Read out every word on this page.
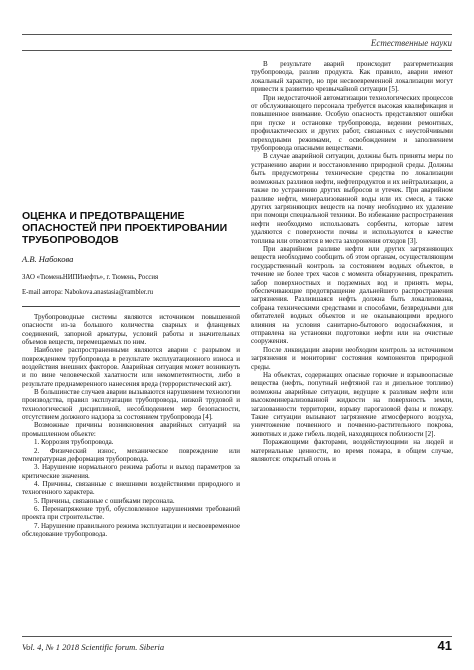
Естественные науки
ОЦЕНКА И ПРЕДОТВРАЩЕНИЕ ОПАСНОСТЕЙ ПРИ ПРОЕКТИРОВАНИИ ТРУБОПРОВОДОВ
А.В. Набокова
ЗАО «ТюменьНИПИнефть», г. Тюмень, Россия
E-mail автора: Nabokova.anastasia@rambler.ru

Трубопроводные системы являются источником повышенной опасности из-за большого количества сварных и фланцевых соединений, запорной арматуры, условий работы и значительных объемов веществ, перемещаемых по ним.

Наиболее распространенными являются аварии с разрывом и повреждением трубопровода в результате эксплуатационного износа и воздействия внешних факторов. Аварийная ситуация может возникнуть и по вине человеческой халатности или некомпетентности, либо в результате преднамеренного нанесения вреда (террористический акт).

В большинстве случаев аварии вызываются нарушением технологии производства, правил эксплуатации трубопровода, низкой трудовой и технологической дисциплиной, несоблюдением мер безопасности, отсутствием должного надзора за состоянием трубопровода [4].

Возможные причины возникновения аварийных ситуаций на промышленном объекте:

1. Коррозия трубопровода.

2. Физический износ, механическое повреждение или температурная деформация трубопровода.

3. Нарушение нормального режима работы и выход параметров за критические значения.

4. Причины, связанные с внешними воздействиями природного и техногенного характера.

5. Причины, связанные с ошибками персонала.

6. Перенапряжение труб, обусловленное нарушениями требований проекта при строительстве.

7. Нарушение правильного режима эксплуатации и несвоевременное обследование трубопровода.

В результате аварий происходит разгерметизация трубопровода, разлив продукта. Как правило, аварии имеют локальный характер, но при несвоевременной локализации могут привести к развитию чрезвычайной ситуации [5].

При недостаточной автоматизации технологических процессов от обслуживающего персонала требуется высокая квалификация и повышенное внимание. Особую опасность представляют ошибки при пуске и остановке трубопровода, ведении ремонтных, профилактических и других работ, связанных с неустойчивыми переходными режимами, с освобождением и заполнением трубопровода опасными веществами.

В случае аварийной ситуации, должны быть приняты меры по устранению аварии и восстановлению природной среды. Должны быть предусмотрены технические средства по локализации возможных разливов нефти, нефтепродуктов и их нейтрализации, а также по устранению других выбросов и утечек. При аварийном разливе нефти, минерализованной воды или их смеси, а также других загрязняющих веществ на почву необходимо их удаление при помощи специальной техники. Во избежание распространения нефти необходимо использовать сорбенты, которые затем удаляются с поверхности почвы и используются в качестве топлива или отвозятся в места захоронения отходов [3].

При аварийном разливе нефти или других загрязняющих веществ необходимо сообщить об этом органам, осуществляющим государственный контроль за состоянием водных объектов, в течение не более трех часов с момента обнаружения, прекратить забор поверхностных и подземных вод и принять меры, обеспечивающие предотвращение дальнейшего распространения загрязнения. Разлившаяся нефть должна быть локализована, собрана техническими средствами и способами, безвредными для обитателей водных объектов и не оказывающими вредного влияния на условия санитарно-бытового водоснабжения, и отправлена на установки подготовки нефти или на очистные сооружения.

После ликвидации аварии необходим контроль за источником загрязнения и мониторинг состояния компонентов природной среды.

На объектах, содержащих опасные горючие и взрывоопасные вещества (нефть, попутный нефтяной газ и дизельное топливо) возможны аварийные ситуации, ведущие к разливам нефти или высокоминерализованной жидкости на поверхность земли, загазованности территории, взрыву парогазовой фазы и пожару. Такие ситуации вызывают загрязнение атмосферного воздуха, уничтожение почвенного и почвенно-растительного покрова, животных и даже гибель людей, находящихся поблизости [2].

Поражающими факторами, воздействующими на людей и материальные ценности, во время пожара, в общем случае, являются: открытый огонь и

Vol. 4, № 1 2018 Scientific forum. Siberia	41
